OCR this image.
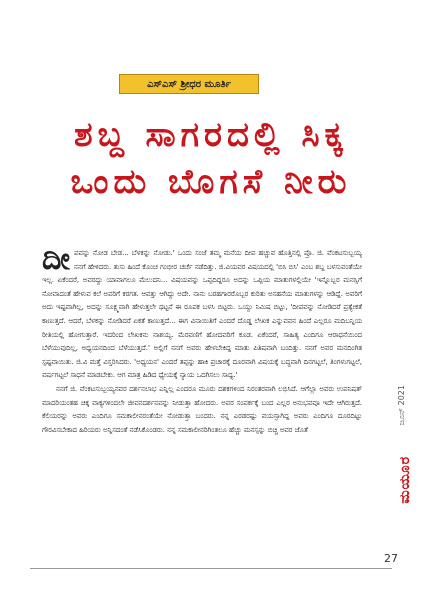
ಎಸ್‌ಎಸ್ ಶ್ರೀಧರ ಮೂರ್ತಿ
ಶಬ್ದ ಸಾಗರದಲ್ಲಿ ಸಿಕ್ಕ
ಒಂದು ಬೊಗಸೆ ನೀರು

ದೀಪವನ್ನು ನೋಡ ಬೇಡ... ಬೆಳಕನ್ನು ನೋಡು.' ಒಂದು ಸಂಜೆ ತಮ್ಮ ಮನೆಯ ದೀಪ ಹಚ್ಚುವ ಹೊತ್ತಿನಲ್ಲಿ ಪ್ರೊ. ಜಿ. ವೆಂಕಟಸುಬ್ಬಯ್ಯ ನನಗೆ ಹೇಳಿದರು. ತುಸು ಹಿಂದೆ ಕೊಂಚ ಗಂಭೀರ ಚರ್ಚೆ ನಡೆದಿತ್ತು. ಜಿ.ವಿಯವರ ವಿಷಯದಲ್ಲಿ 'ಬಿಸಿ ಬಿಸಿ' ಎಂಬ ಶಬ್ದ ಬಳಸುವಂತೆಯೇ ಇಲ್ಲ. ಏಕೆಂದರೆ, ಅವರದ್ದು ಯಾವಾಗಲೂ ಮೆಲುದನಿ... ವಿಷಯವನ್ನು ಒಪ್ಪದಿದ್ದರೂ ಅದನ್ನು ಒಪ್ಪಿಯ ಮಾತುಗಳಲ್ಲಿಯೇ 'ಇನ್ನೊಬ್ಬರ ಮನಸ್ಸಿಗೆ ನೋವಾದಂತೆ ಹೇಳುವ ಕಲೆ ಅವರಿಗೆ ಕರಗತ. ಆವತ್ತು ಆಗಿದ್ದು ಅದೇ. ನಾನು ಬರಹಗಾರರೊಬ್ಬರ ಕುರಿತು ಅಸಹನೆಯ ಮಾತುಗಳನ್ನು ಆಡಿದ್ದೆ. ಅವರಿಗೆ ಅದು ಇಷ್ಟವಾಗಿಲ್ಲ, ಅದನ್ನು ಸೂಕ್ಷ್ಮವಾಗಿ ಹೇಳುತ್ತಲೇ ಥಟ್ಟನೆ ಈ ರೂಪಕ ಬಳಸಿ ಬಿಟ್ಟರು. ಒಯ್ದು ನಿಮಿಷ ಬಿಟ್ಟು, 'ದೀಪವನ್ನು ನೋಡಿದರೆ ಪ್ರತ್ಯೇಕತೆ ಕಾಣುತ್ತದೆ. ಆದರೆ, ಬೆಳಕನ್ನು ನೋಡಿದರೆ ಏಕತೆ ಕಾಣುತ್ತದೆ... ಈಗ ವಿನಾಯಿತಿಗೆ ಎಂದರೆ ದೊಡ್ಡ ಲೇಖಕ ಎನ್ನುವವನ ಹಿಂದೆ ಎಲ್ಲರೂ ಮದಿಬನ್ನಿಯ ರೀತಿಯಲ್ಲಿ ಹೋಗುತ್ತಾರೆ. ಇದರಿಂದ ಲೇಖಕನು ನಾಶಯ್ಯ. ಮೆರವಣಿಗೆ ಹೋದವರಿಗೆ ಕೂಡ. ಏಕೆಂದರೆ, ಸಾಹಿತ್ಯ ಎಂದಿಗೂ ಆರಾಧನೆಯಿಂದ ಬೆಳೆಯುವುದಿಲ್ಲ, ಅಧ್ಯಯನದಿಂದ ಬೆಳೆಯುತ್ತದೆ.' ಅಲ್ಲಿಗೆ ನನಗೆ ಅವರು ಹೇಳಬೇಕಿದ್ದ ಮಾತು ಪಿತಿಷವಾಗಿ ಬಂದಿತ್ತು. ನನಗೆ ಅವರ ಮನದಿಂಗಿತ ಸ್ಪಷ್ಟವಾಯಿತು. ಜಿ.ವಿ ಮತ್ತೆ ವಿಸ್ತರಿಸಿದರು. 'ಅಧ್ಯಯನ' ಎಂದರೆ ತಪ್ಪನ್ನು ಹಾಕಿ ಪ್ರಚಾರಕ್ಕೆ ದೂರವಾಗಿ ವಿಷಯಕ್ಕೆ ಬದ್ಧವಾಗಿ ದಿನಗಟ್ಟಲೆ, ತಿಂಗಳುಗಟ್ಟಲೆ, ವರ್ಷಗಟ್ಟಲೆ ಸಾಧನೆ ಮಾಡಬೇಕು. ಆಗ ಮಾತ್ರ ಹಿಡಿದ ಧ್ಯೇಯಕ್ಕೆ ನ್ಯಾಯ ಒದಗಿಸಲು ಸಾಧ್ಯ.'

ನನಗೆ ಜಿ. ವೆಂಕಟಸುಬ್ಬಯ್ಯನವರ ದರ್ಶನಲಾಭ ಎನ್ನಿಲ್ಲ ಎಂದರೂ ಮೂರು ದಶಕಗಳಿಂದ ನಿರಂತರವಾಗಿ ಲಭಿಸಿದೆ. ಆಗೆಲ್ಲಾ ಅವರು ಉಪನಿಷತ್ ಮಾದರಿಯಂತಹ ಚಿಕ್ಕ ವಾಕ್ಯಗಳಿಂದಲೇ ಜೀವನದರ್ಶನವನ್ನು ನೀಡುತ್ತಾ ಹೋದರು. ಅವರ ಸಂಪರ್ಕಕ್ಕೆ ಬಂದ ಎಲ್ಲರ ಅನುಭವವೂ ಇದೇ ಆಗಿರುತ್ತದೆ. ಕೆಲಿಯರನ್ನು ಅವರು ಎಂದಿಗೂ ಸಮಕಾಲೀನರಂತೆಯೇ ನೋಡುತ್ತಾ ಬಂದರು. ನನ್ನ ಎರಡರಷ್ಟು ವಯಸ್ಸಾಗಿದ್ದ ಅವರು ಎಂದಿಗೂ ದೂರದಿಟ್ಟು ಗೌರವಿಸಬೇಕಾದ ಹಿರಿಯರು ಅನ್ನಿಸದಂತೆ ನಡೆಸಿಕೊಂಡರು. ನನ್ನ ಸಮಕಾಲೀನರಿಗಿಂತಲೂ ಹೆಚ್ಚು ಮನಸ್ಸನ್ನು ಬಿಚ್ಚಿ ಅವರ ಜೊತೆ

ಜೂನ್ 2021
ಮಯೂರ
27
